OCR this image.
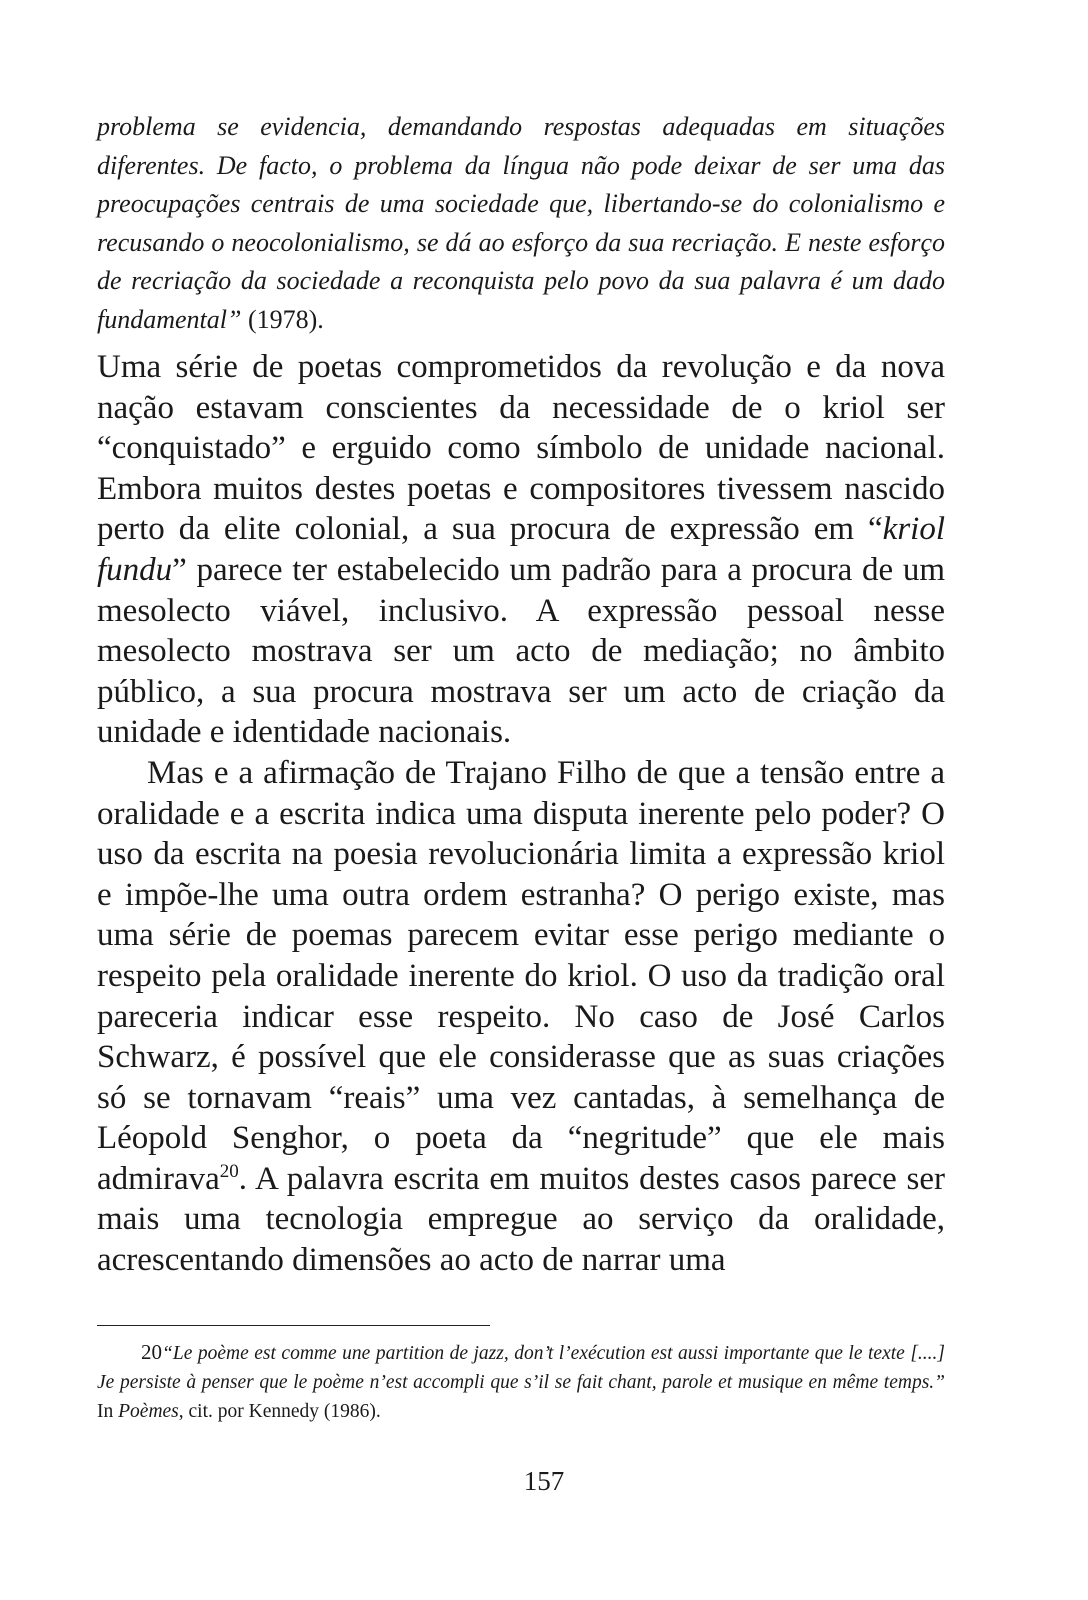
problema se evidencia, demandando respostas adequadas em situações diferentes. De facto, o problema da língua não pode deixar de ser uma das preocupações centrais de uma sociedade que, libertando-se do colonialismo e recusando o neocolonialismo, se dá ao esforço da sua recriação. E neste esforço de recriação da sociedade a reconquista pelo povo da sua palavra é um dado fundamental” (1978).

Uma série de poetas comprometidos da revolução e da nova nação estavam conscientes da necessidade de o kriol ser “conquistado” e erguido como símbolo de unidade nacional. Embora muitos destes poetas e compositores tivessem nascido perto da elite colonial, a sua procura de expressão em “kriol fundu” parece ter estabelecido um padrão para a procura de um mesolecto viável, inclusivo. A expressão pessoal nesse mesolecto mostrava ser um acto de mediação; no âmbito público, a sua procura mostrava ser um acto de criação da unidade e identidade nacionais.

Mas e a afirmação de Trajano Filho de que a tensão entre a oralidade e a escrita indica uma disputa inerente pelo poder? O uso da escrita na poesia revolucionária limita a expressão kriol e impõe-lhe uma outra ordem estranha? O perigo existe, mas uma série de poemas parecem evitar esse perigo mediante o respeito pela oralidade inerente do kriol. O uso da tradição oral pareceria indicar esse respeito. No caso de José Carlos Schwarz, é possível que ele considerasse que as suas criações só se tornavam “reais” uma vez cantadas, à semelhança de Léopold Senghor, o poeta da “negritude” que ele mais admirava$^{20}$. A palavra escrita em muitos destes casos parece ser mais uma tecnologia empregue ao serviço da oralidade, acrescentando dimensões ao acto de narrar uma

20“Le poème est comme une partition de jazz, don’t l’exécution est aussi importante que le texte [....] Je persiste à penser que le poème n’est accompli que s’il se fait chant, parole et musique en même temps.” In Poèmes, cit. por Kennedy (1986).

157
